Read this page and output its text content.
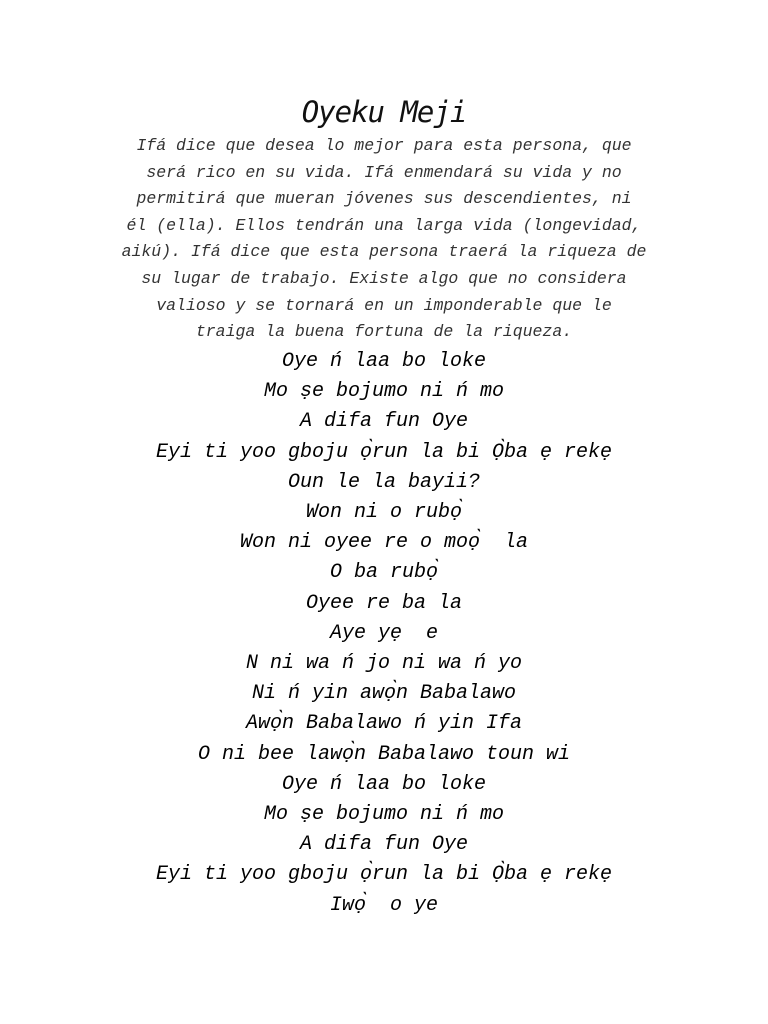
Oyeku Meji

Ifá dice que desea lo mejor para esta persona, que
será rico en su vida. Ifá enmendará su vida y no
permitirá que mueran jóvenes sus descendientes, ni
él (ella). Ellos tendrán una larga vida (longevidad,
aikú). Ifá dice que esta persona traerá la riqueza de
su lugar de trabajo. Existe algo que no considera
valioso y se tornará en un imponderable que le
traiga la buena fortuna de la riqueza.

Oye ń laa bo loke
Mo ṣe bojumo ni ń mo
A difa fun Oye
Eyi ti yoo gboju ọ̀run la bi Ọ̀ba ẹ rekẹ
Oun le la bayii?
Won ni o rubọ̀
Won ni oyee re o moọ̀  la
O ba rubọ̀
Oyee re ba la
Aye yẹ  e
N ni wa ń jo ni wa ń yo
Ni ń yin awọ̀n Babalawo
Awọ̀n Babalawo ń yin Ifa
O ni bee lawọ̀n Babalawo toun wi
Oye ń laa bo loke
Mo ṣe bojumo ni ń mo
A difa fun Oye
Eyi ti yoo gboju ọ̀run la bi Ọ̀ba ẹ rekẹ
Iwọ̀  o ye
